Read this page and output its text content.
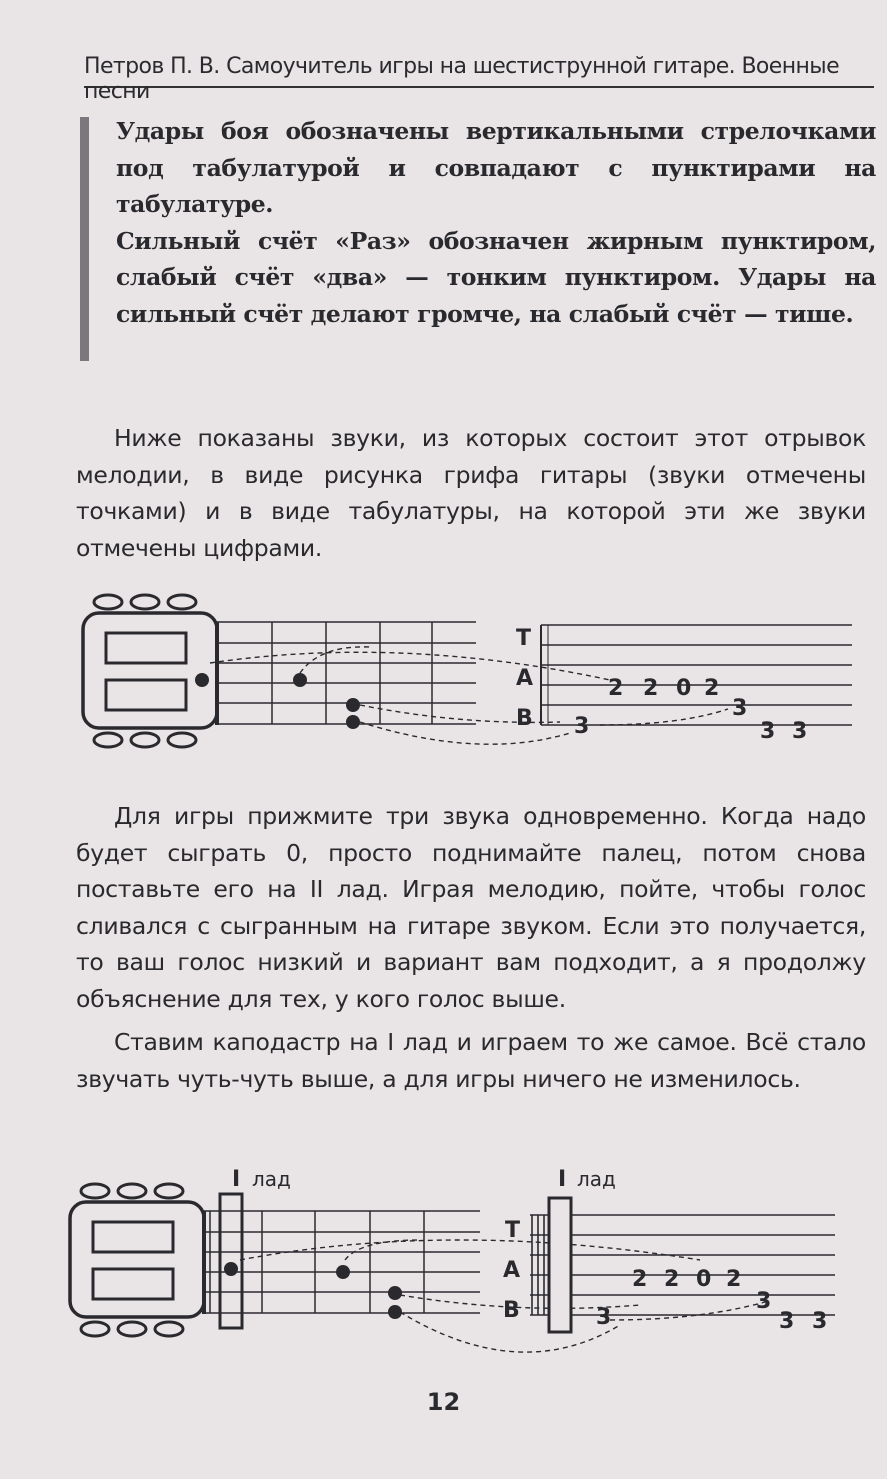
Петров П. В. Самоучитель игры на шестиструнной гитаре. Военные песни

Удары боя обозначены вертикальными стрелочками под табулатурой и совпадают с пунктирами на табулатуре.

Сильный счёт «Раз» обозначен жирным пунктиром, слабый счёт «два» — тонким пунктиром. Удары на сильный счёт делают громче, на слабый счёт — тише.

Ниже показаны звуки, из которых состоит этот отрывок мелодии, в виде рисунка грифа гитары (звуки отмечены точками) и в виде табулатуры, на которой эти же звуки отмечены цифрами.

T
A
B
2 2 0 2
3
3
3 3

Для игры прижмите три звука одновременно. Когда надо будет сыграть 0, просто поднимайте палец, потом снова поставьте его на II лад. Играя мелодию, пойте, чтобы голос сливался с сыгранным на гитаре звуком. Если это получается, то ваш голос низкий и вариант вам подходит, а я продолжу объяснение для тех, у кого голос выше.

Ставим каподастр на I лад и играем то же самое. Всё стало звучать чуть-чуть выше, а для игры ничего не изменилось.

I лад
T
A
B
I лад
2 2 0 2
3
3
3 3
12
